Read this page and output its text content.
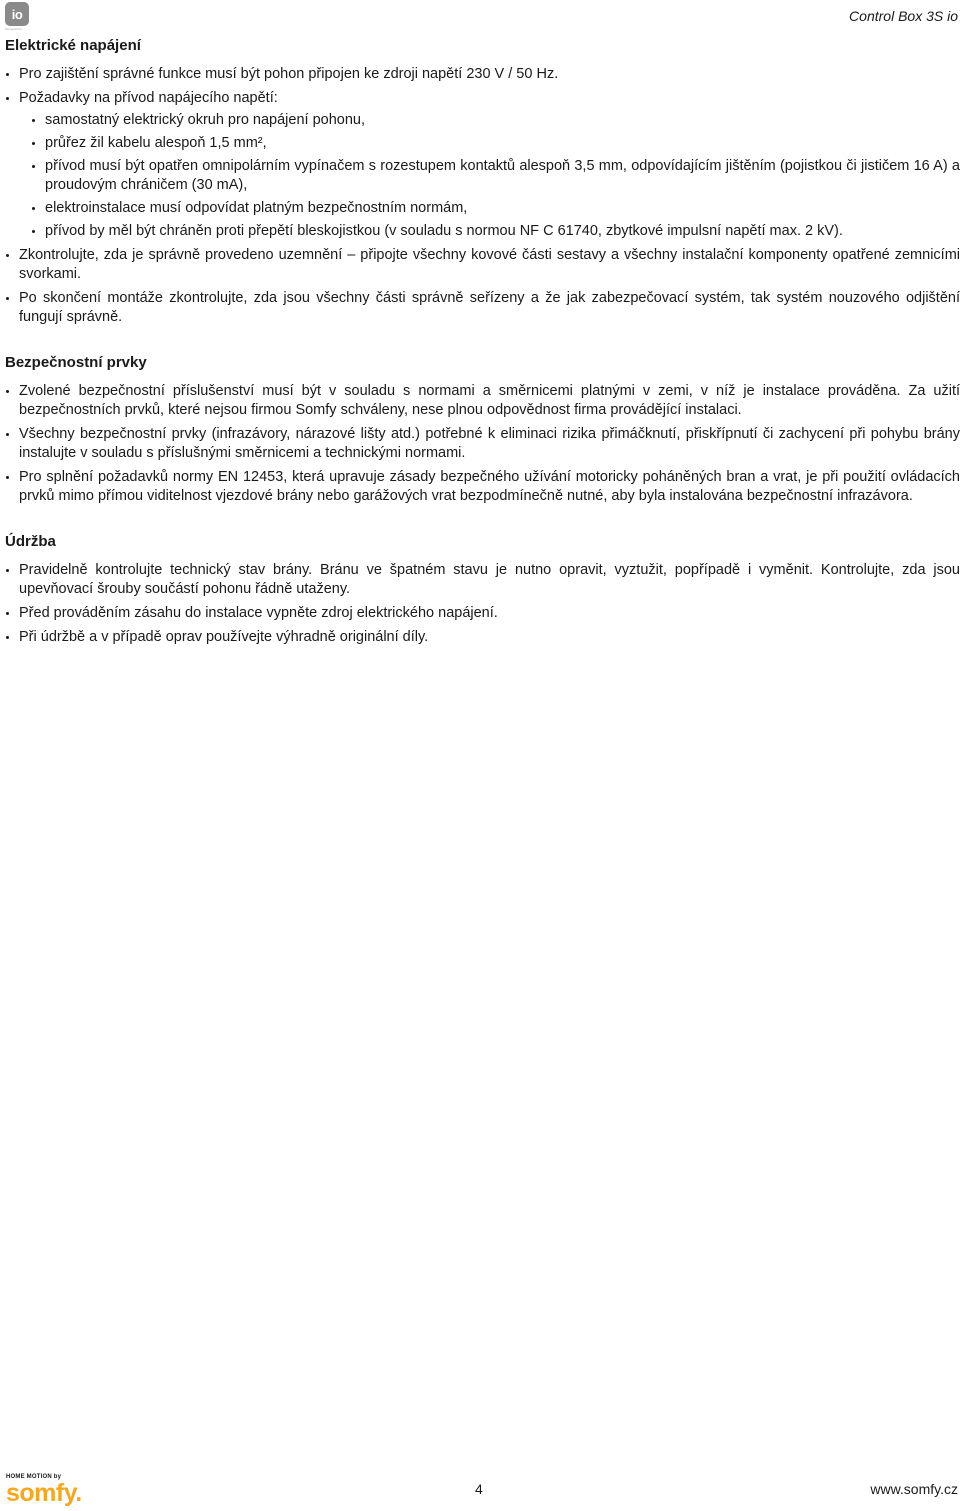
io
homecontrol
Control Box 3S io
Elektrické napájení
Pro zajištění správné funkce musí být pohon připojen ke zdroji napětí 230 V / 50 Hz.
Požadavky na přívod napájecího napětí:
samostatný elektrický okruh pro napájení pohonu,
průřez žil kabelu alespoň 1,5 mm²,
přívod musí být opatřen omnipolárním vypínačem s rozestupem kontaktů alespoň 3,5 mm, odpovídajícím jištěním (pojistkou či jističem 16 A) a proudovým chráničem (30 mA),
elektroinstalace musí odpovídat platným bezpečnostním normám,
přívod by měl být chráněn proti přepětí bleskojistkou (v souladu s normou NF C 61740, zbytkové impulsní napětí max. 2 kV).
Zkontrolujte, zda je správně provedeno uzemnění – připojte všechny kovové části sestavy a všechny instalační komponenty opatřené zemnicími svorkami.
Po skončení montáže zkontrolujte, zda jsou všechny části správně seřízeny a že jak zabezpečovací systém, tak systém nouzového odjištění fungují správně.
Bezpečnostní prvky
Zvolené bezpečnostní příslušenství musí být v souladu s normami a směrnicemi platnými v zemi, v níž je instalace prováděna. Za užití bezpečnostních prvků, které nejsou firmou Somfy schváleny, nese plnou odpovědnost firma provádějící instalaci.
Všechny bezpečnostní prvky (infrazávory, nárazové lišty atd.) potřebné k eliminaci rizika přimáčknutí, přiskřípnutí či zachycení při pohybu brány instalujte v souladu s příslušnými směrnicemi a technickými normami.
Pro splnění požadavků normy EN 12453, která upravuje zásady bezpečného užívání motoricky poháněných bran a vrat, je při použití ovládacích prvků mimo přímou viditelnost vjezdové brány nebo garážových vrat bezpodmínečně nutné, aby byla instalována bezpečnostní infrazávora.
Údržba
Pravidelně kontrolujte technický stav brány. Bránu ve špatném stavu je nutno opravit, vyztužit, popřípadě i vyměnit. Kontrolujte, zda jsou upevňovací šrouby součástí pohonu řádně utaženy.
Před prováděním zásahu do instalace vypněte zdroj elektrického napájení.
Při údržbě a v případě oprav používejte výhradně originální díly.
HOME MOTION by
somfy.	4	www.somfy.cz
